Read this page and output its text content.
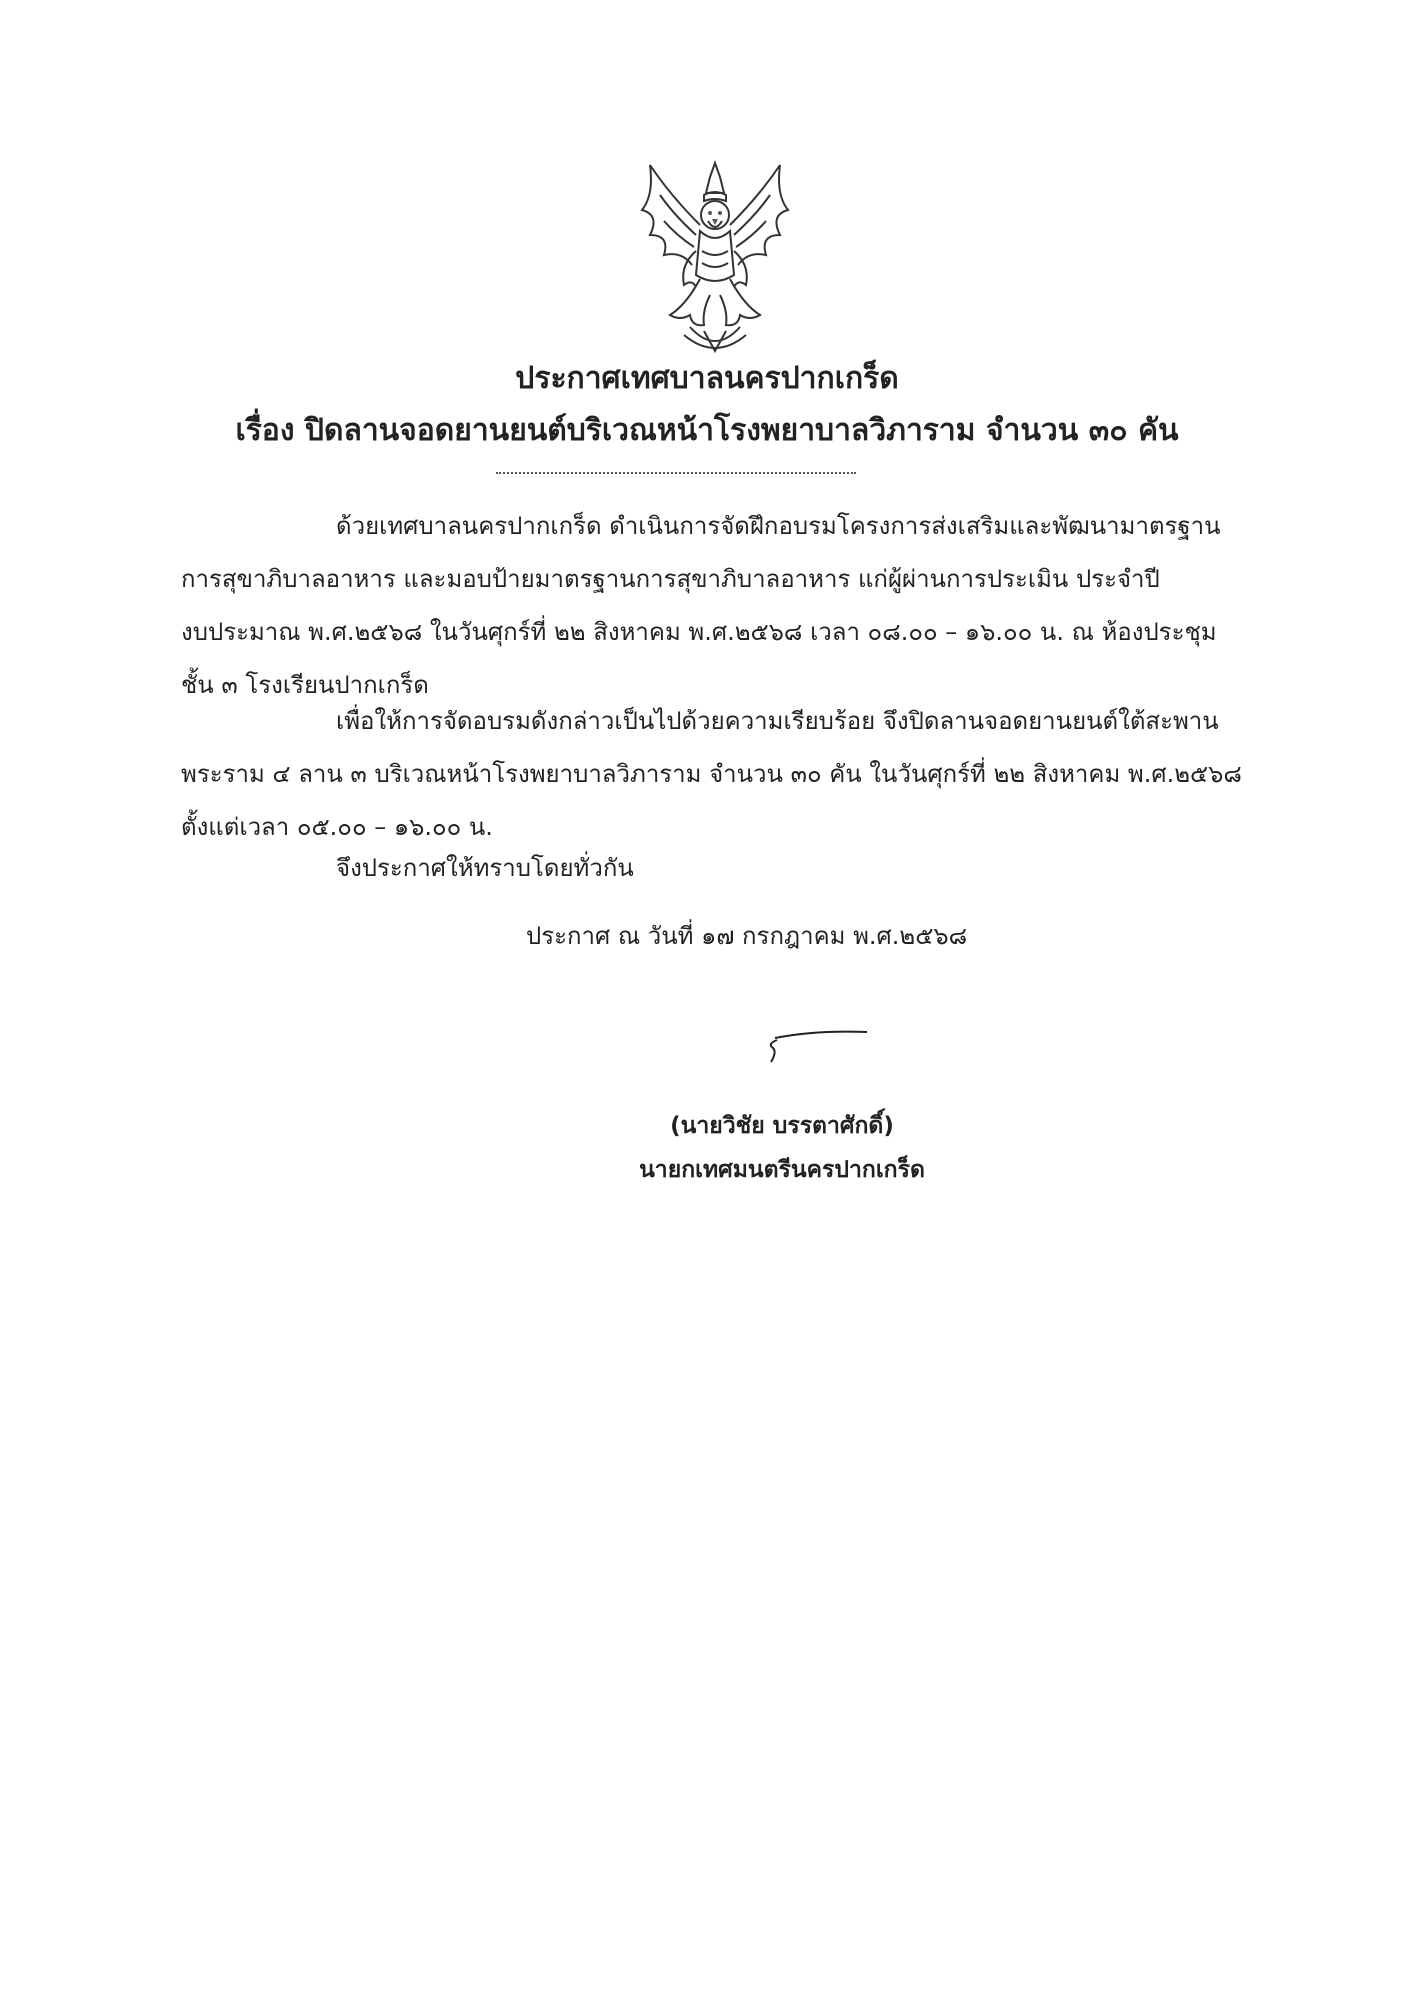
ประกาศเทศบาลนครปากเกร็ด
เรื่อง ปิดลานจอดยานยนต์บริเวณหน้าโรงพยาบาลวิภาราม จำนวน ๓๐ คัน

ด้วยเทศบาลนครปากเกร็ด ดำเนินการจัดฝึกอบรมโครงการส่งเสริมและพัฒนามาตรฐาน
การสุขาภิบาลอาหาร และมอบป้ายมาตรฐานการสุขาภิบาลอาหาร แก่ผู้ผ่านการประเมิน ประจำปี
งบประมาณ พ.ศ.๒๕๖๘ ในวันศุกร์ที่ ๒๒ สิงหาคม พ.ศ.๒๕๖๘ เวลา ๐๘.๐๐ – ๑๖.๐๐ น. ณ ห้องประชุม
ชั้น ๓ โรงเรียนปากเกร็ด

เพื่อให้การจัดอบรมดังกล่าวเป็นไปด้วยความเรียบร้อย จึงปิดลานจอดยานยนต์ใต้สะพาน
พระราม ๔ ลาน ๓ บริเวณหน้าโรงพยาบาลวิภาราม จำนวน ๓๐ คัน ในวันศุกร์ที่ ๒๒ สิงหาคม พ.ศ.๒๕๖๘
ตั้งแต่เวลา ๐๕.๐๐ – ๑๖.๐๐ น.

จึงประกาศให้ทราบโดยทั่วกัน
ประกาศ ณ วันที่ ๑๗ กรกฎาคม พ.ศ.๒๕๖๘
(นายวิชัย บรรตาศักดิ์)
นายกเทศมนตรีนครปากเกร็ด
